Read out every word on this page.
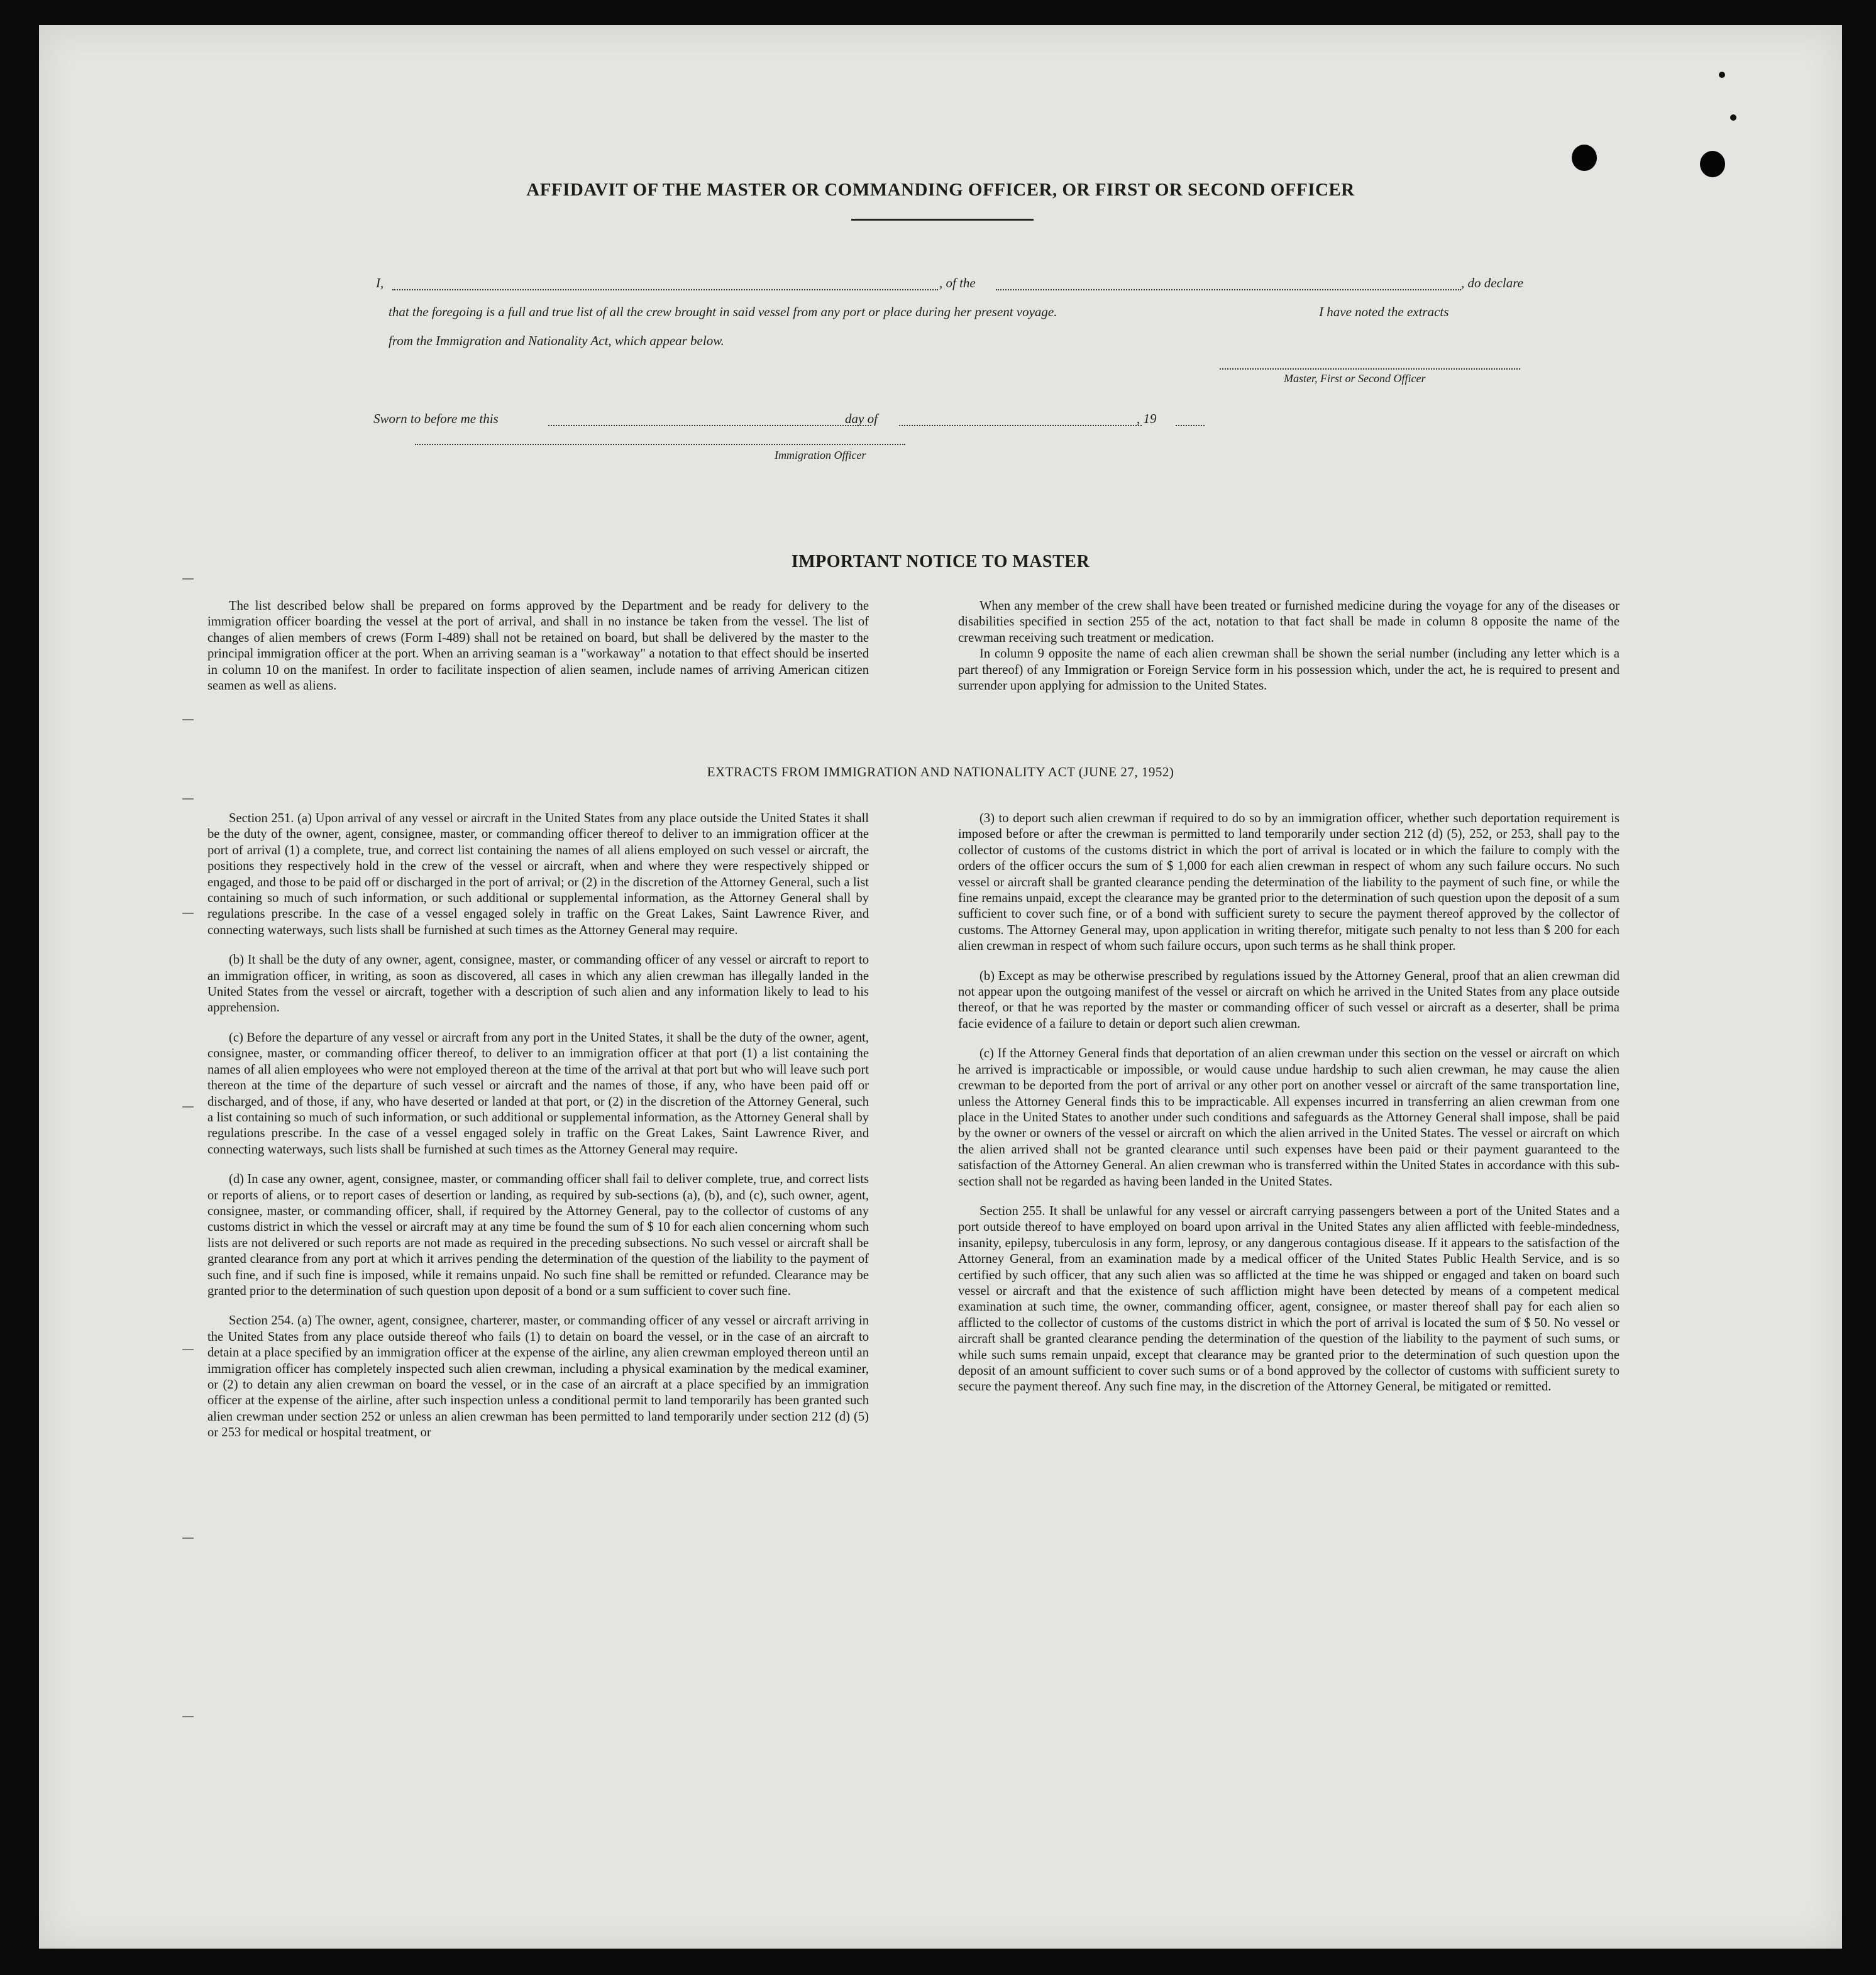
AFFIDAVIT OF THE MASTER OR COMMANDING OFFICER, OR FIRST OR SECOND OFFICER
I,	, of the	, do declare
that the foregoing is a full and true list of all the crew brought in said vessel from any port or place during her present voyage.	I have noted the extracts
from the Immigration and Nationality Act, which appear below.
Master, First or Second Officer
Sworn to before me this	day of	, 19
Immigration Officer
IMPORTANT NOTICE TO MASTER

The list described below shall be prepared on forms approved by the Department and be ready for delivery to the immigration officer boarding the vessel at the port of arrival, and shall in no instance be taken from the vessel. The list of changes of alien members of crews (Form I-489) shall not be retained on board, but shall be delivered by the master to the principal immigration officer at the port. When an arriving seaman is a "workaway" a notation to that effect should be inserted in column 10 on the manifest. In order to facilitate inspection of alien seamen, include names of arriving American citizen seamen as well as aliens.

When any member of the crew shall have been treated or furnished medicine during the voyage for any of the diseases or disabilities specified in section 255 of the act, notation to that fact shall be made in column 8 opposite the name of the crewman receiving such treatment or medication.

In column 9 opposite the name of each alien crewman shall be shown the serial number (including any letter which is a part thereof) of any Immigration or Foreign Service form in his possession which, under the act, he is required to present and surrender upon applying for admission to the United States.

EXTRACTS FROM IMMIGRATION AND NATIONALITY ACT (JUNE 27, 1952)

Section 251. (a) Upon arrival of any vessel or aircraft in the United States from any place outside the United States it shall be the duty of the owner, agent, consignee, master, or commanding officer thereof to deliver to an immigration officer at the port of arrival (1) a complete, true, and correct list containing the names of all aliens employed on such vessel or aircraft, the positions they respectively hold in the crew of the vessel or aircraft, when and where they were respectively shipped or engaged, and those to be paid off or discharged in the port of arrival; or (2) in the discretion of the Attorney General, such a list containing so much of such information, or such additional or supplemental information, as the Attorney General shall by regulations prescribe. In the case of a vessel engaged solely in traffic on the Great Lakes, Saint Lawrence River, and connecting waterways, such lists shall be furnished at such times as the Attorney General may require.

(b) It shall be the duty of any owner, agent, consignee, master, or commanding officer of any vessel or aircraft to report to an immigration officer, in writing, as soon as discovered, all cases in which any alien crewman has illegally landed in the United States from the vessel or aircraft, together with a description of such alien and any information likely to lead to his apprehension.

(c) Before the departure of any vessel or aircraft from any port in the United States, it shall be the duty of the owner, agent, consignee, master, or commanding officer thereof, to deliver to an immigration officer at that port (1) a list containing the names of all alien employees who were not employed thereon at the time of the arrival at that port but who will leave such port thereon at the time of the departure of such vessel or aircraft and the names of those, if any, who have been paid off or discharged, and of those, if any, who have deserted or landed at that port, or (2) in the discretion of the Attorney General, such a list containing so much of such information, or such additional or supplemental information, as the Attorney General shall by regulations prescribe. In the case of a vessel engaged solely in traffic on the Great Lakes, Saint Lawrence River, and connecting waterways, such lists shall be furnished at such times as the Attorney General may require.

(d) In case any owner, agent, consignee, master, or commanding officer shall fail to deliver complete, true, and correct lists or reports of aliens, or to report cases of desertion or landing, as required by sub-sections (a), (b), and (c), such owner, agent, consignee, master, or commanding officer, shall, if required by the Attorney General, pay to the collector of customs of any customs district in which the vessel or aircraft may at any time be found the sum of $ 10 for each alien concerning whom such lists are not delivered or such reports are not made as required in the preceding subsections. No such vessel or aircraft shall be granted clearance from any port at which it arrives pending the determination of the question of the liability to the payment of such fine, and if such fine is imposed, while it remains unpaid. No such fine shall be remitted or refunded. Clearance may be granted prior to the determination of such question upon deposit of a bond or a sum sufficient to cover such fine.

Section 254. (a) The owner, agent, consignee, charterer, master, or commanding officer of any vessel or aircraft arriving in the United States from any place outside thereof who fails (1) to detain on board the vessel, or in the case of an aircraft to detain at a place specified by an immigration officer at the expense of the airline, any alien crewman employed thereon until an immigration officer has completely inspected such alien crewman, including a physical examination by the medical examiner, or (2) to detain any alien crewman on board the vessel, or in the case of an aircraft at a place specified by an immigration officer at the expense of the airline, after such inspection unless a conditional permit to land temporarily has been granted such alien crewman under section 252 or unless an alien crewman has been permitted to land temporarily under section 212 (d) (5) or 253 for medical or hospital treatment, or

(3) to deport such alien crewman if required to do so by an immigration officer, whether such deportation requirement is imposed before or after the crewman is permitted to land temporarily under section 212 (d) (5), 252, or 253, shall pay to the collector of customs of the customs district in which the port of arrival is located or in which the failure to comply with the orders of the officer occurs the sum of $ 1,000 for each alien crewman in respect of whom any such failure occurs. No such vessel or aircraft shall be granted clearance pending the determination of the liability to the payment of such fine, or while the fine remains unpaid, except the clearance may be granted prior to the determination of such question upon the deposit of a sum sufficient to cover such fine, or of a bond with sufficient surety to secure the payment thereof approved by the collector of customs. The Attorney General may, upon application in writing therefor, mitigate such penalty to not less than $ 200 for each alien crewman in respect of whom such failure occurs, upon such terms as he shall think proper.

(b) Except as may be otherwise prescribed by regulations issued by the Attorney General, proof that an alien crewman did not appear upon the outgoing manifest of the vessel or aircraft on which he arrived in the United States from any place outside thereof, or that he was reported by the master or commanding officer of such vessel or aircraft as a deserter, shall be prima facie evidence of a failure to detain or deport such alien crewman.

(c) If the Attorney General finds that deportation of an alien crewman under this section on the vessel or aircraft on which he arrived is impracticable or impossible, or would cause undue hardship to such alien crewman, he may cause the alien crewman to be deported from the port of arrival or any other port on another vessel or aircraft of the same transportation line, unless the Attorney General finds this to be impracticable. All expenses incurred in transferring an alien crewman from one place in the United States to another under such conditions and safeguards as the Attorney General shall impose, shall be paid by the owner or owners of the vessel or aircraft on which the alien arrived in the United States. The vessel or aircraft on which the alien arrived shall not be granted clearance until such expenses have been paid or their payment guaranteed to the satisfaction of the Attorney General. An alien crewman who is transferred within the United States in accordance with this sub-section shall not be regarded as having been landed in the United States.

Section 255. It shall be unlawful for any vessel or aircraft carrying passengers between a port of the United States and a port outside thereof to have employed on board upon arrival in the United States any alien afflicted with feeble-mindedness, insanity, epilepsy, tuberculosis in any form, leprosy, or any dangerous contagious disease. If it appears to the satisfaction of the Attorney General, from an examination made by a medical officer of the United States Public Health Service, and is so certified by such officer, that any such alien was so afflicted at the time he was shipped or engaged and taken on board such vessel or aircraft and that the existence of such affliction might have been detected by means of a competent medical examination at such time, the owner, commanding officer, agent, consignee, or master thereof shall pay for each alien so afflicted to the collector of customs of the customs district in which the port of arrival is located the sum of $ 50. No vessel or aircraft shall be granted clearance pending the determination of the question of the liability to the payment of such sums, or while such sums remain unpaid, except that clearance may be granted prior to the determination of such question upon the deposit of an amount sufficient to cover such sums or of a bond approved by the collector of customs with sufficient surety to secure the payment thereof. Any such fine may, in the discretion of the Attorney General, be mitigated or remitted.
